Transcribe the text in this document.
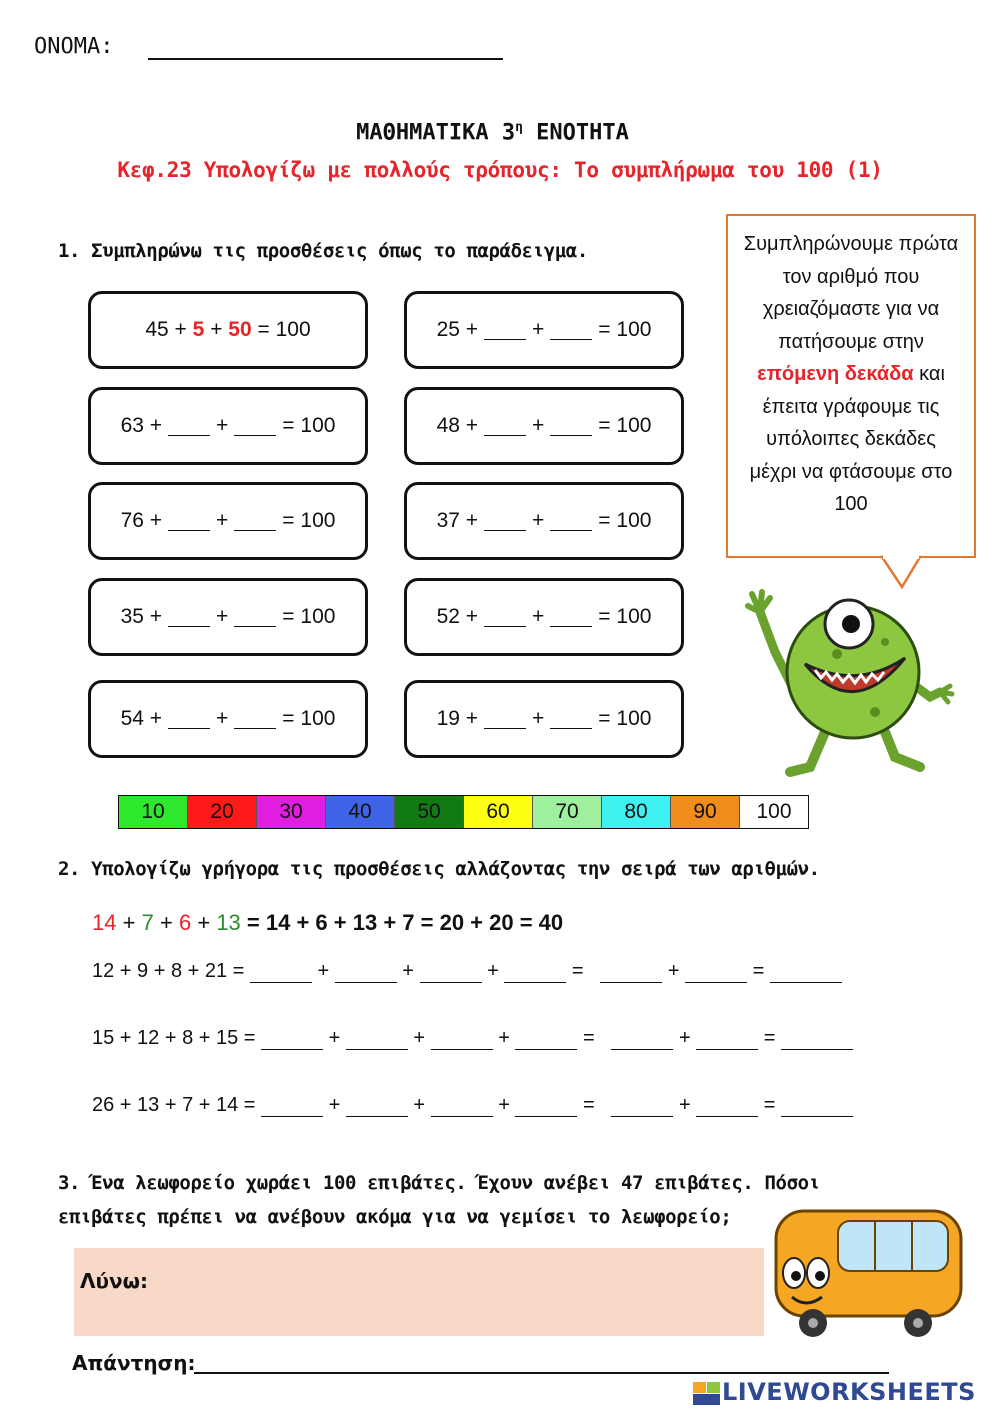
ΟΝΟΜΑ:
ΜΑΘΗΜΑΤΙΚΑ $3^\eta$ ΕΝΟΤΗΤΑ
Κεφ.23 Υπολογίζω με πολλούς τρόπους: Το συμπλήρωμα του 100 (1)
1. Συμπληρώνω τις προσθέσεις όπως το παράδειγμα.
45
+
5
+
50
= 100	25
+	+	= 100
63
+	+	= 100	48
+	+	= 100
76
+	+	= 100	37
+	+	= 100
35
+	+	= 100	52
+	+	= 100
54
+	+	= 100	19
+	+	= 100
Συμπληρώνουμε πρώτα τον αριθμό που χρειαζόμαστε για να πατήσουμε στην επόμενη δεκάδα και έπειτα γράφουμε τις υπόλοιπες δεκάδες μέχρι να φτάσουμε στο 100
10	20	30	40	50	60	70	80	90	100
2. Υπολογίζω γρήγορα τις προσθέσεις αλλάζοντας την σειρά των αριθμών.
14 + 7 + 6 + 13 = 14 + 6 + 13 + 7 = 20 + 20 = 40
12 + 9 + 8 + 21 =

	+

	+

	+

	=

	+

	=

15 + 12 + 8 + 15 =

	+

	+

	+

	=

	+

	=

26 + 13 + 7 + 14 =

	+

	+

	+

	=

	+

	=

3. Ένα λεωφορείο χωράει 100 επιβάτες. Έχουν ανέβει 47 επιβάτες. Πόσοι
επιβάτες πρέπει να ανέβουν ακόμα για να γεμίσει το λεωφορείο;
Λύνω:
Απάντηση:
LIVEWORKSHEETS
